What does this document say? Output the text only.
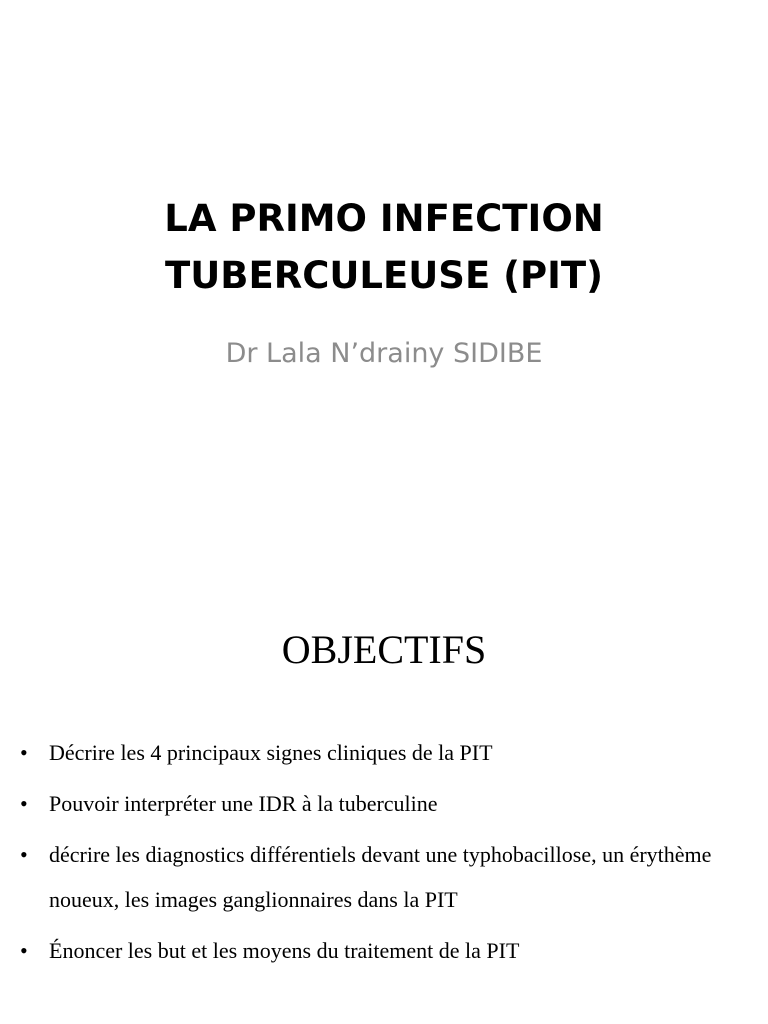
LA PRIMO INFECTION
TUBERCULEUSE (PIT)
Dr Lala N’drainy SIDIBE
OBJECTIFS
• Décrire les 4 principaux signes cliniques de la PIT
• Pouvoir interpréter une IDR à la tuberculine
• décrire les diagnostics différentiels devant une typhobacillose, un érythème noueux, les images ganglionnaires dans la PIT
• Énoncer les but et les moyens du traitement de la PIT
